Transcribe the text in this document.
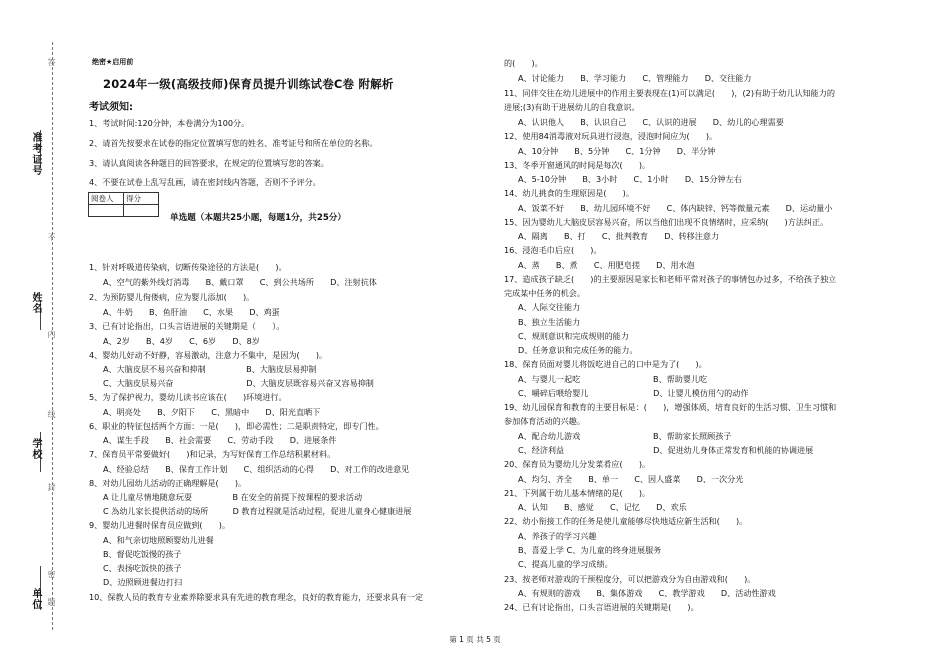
准考证号
姓名
学校
单位
答
不
内
线
封
密
题
绝密★启用前
2024年一级(高级技师)保育员提升训练试卷C卷 附解析
考试须知:
1、考试时间:120分钟，本卷满分为100分。
2、请首先按要求在试卷的指定位置填写您的姓名、准考证号和所在单位的名称。
3、请认真阅读各种题目的回答要求，在规定的位置填写您的答案。
4、不要在试卷上乱写乱画，请在密封线内答题，否则不予评分。
阅卷人	得分

单选题（本题共25小题，每题1分，共25分）
1、针对呼吸道传染病，切断传染途径的方法是(　　)。
A、空气的紫外线灯消毒　　B、戴口罩　　C、到公共场所　　D、注射抗体
2、为预防婴儿佝偻病，应为婴儿添加(　　)。
A、牛奶　　B、鱼肝油　　C、水果　　D、鸡蛋
3、已有讨论指出，口头言语进展的关键期是（　　）。
A、2岁　　B、4岁　　C、6岁　　D、8岁
4、婴幼儿好动不好静，容易激动，注意力不集中，是因为(　　)。
A、大脑皮层不易兴奋和抑制　　　　　B、大脑皮层易抑制
C、大脑皮层易兴奋　　　　　　　　　D、大脑皮层既容易兴奋又容易抑制
5、为了保护视力，婴幼儿读书应该在(　　)环境进行。
A、明亮处　　B、夕阳下　　C、黑暗中　　D、阳光直晒下
6、职业的特征包括两个方面：一是(　　)，即必需性；二是职责特定，即专门性。
A、谋生手段　　B、社会需要　　C、劳动手段　　D、进展条件
7、保育员平常要做好(　　)和记录，为写好保育工作总结积累材料。
A、经验总结　　B、保育工作计划　　C、组织活动的心得　　D、对工作的改进意见
8、对幼儿园幼儿活动的正确理解是(　　)。
A 让儿童尽情地随意玩耍　　　　　B 在安全的前提下按课程的要求活动
C 為幼儿家长提供活动的场所　　　D 教育过程就是活动过程，促进儿童身心健康进展
9、婴幼儿进餐时保育员应做到(　　)。
A、和气亲切地照顾婴幼儿进餐
B、督促吃饭慢的孩子
C、表扬吃饭快的孩子
D、边照顾进餐边打扫
10、保教人员的教育专业素养除要求具有先进的教育理念，良好的教育能力，还要求具有一定
的(　　)。
A、讨论能力　　B、学习能力　　C、管理能力　　D、交往能力
11、同伴交往在幼儿进展中的作用主要表现在(1)可以满足(　　)，(2)有助于幼儿认知能力的
进展;(3)有助于进展幼儿的自我意识。
A、认识他人　　B、认识自己　　C、认识的进展　　D、幼儿的心理需要
12、使用84消毒液对玩具进行浸泡，浸泡时间应为(　　)。
A、10分钟　　B、5分钟　　C、1分钟　　D、半分钟
13、冬季开窗通风的时间是每次(　　)。
A、5-10分钟　　B、3小时　　C、1小时　　D、15分钟左右
14、幼儿挑食的生理原因是(　　)。
A、饭菜不好　　B、幼儿园环境不好　　C、体内缺锌、钙等微量元素　　D、运动量小
15、因为婴幼儿大脑皮层容易兴奋，所以当他们出现不良情绪时，应采纳(　　)方法纠正。
A、隔离　　B、打　　C、批判教育　　D、转移注意力
16、浸泡毛巾后应(　　)。
A、蒸　　B、煮　　C、用肥皂搓　　D、用水泡
17、造成孩子缺乏(　　)的主要原因是家长和老师平常对孩子的事情包办过多，不给孩子独立
完成某中任务的机会。
A、人际交往能力
B、独立生活能力
C、规则意识和完成规则的能力
D、任务意识和完成任务的能力。
18、保育员面对婴儿将饭吃进自己的口中是为了(　　)。
A、与婴儿一起吃　　　　　　　　　B、帮助婴儿吃
C、嚼碎后喂给婴儿　　　　　　　　D、让婴儿模仿用勺的动作
19、幼儿园保育和教育的主要目标是：(　　)，增强体质，培育良好的生活习惯、卫生习惯和
参加体育活动的兴趣。
A、配合幼儿游戏　　　　　　　　　B、帮助家长照顾孩子
C、经济利益　　　　　　　　　　　D、促进幼儿身体正常发育和机能的协调进展
20、保育员为婴幼儿分发菜肴应(　　)。
A、均匀、齐全　　B、单一　　C、因人盛菜　　D、一次分光
21、下列属于幼儿基本情绪的是(　　)。
A、认知　　B、感觉　　C、记忆　　D、欢乐
22、幼小衔接工作的任务是使儿童能够尽快地适应新生活和(　　)。
A、养孩子的学习兴趣
B、喜爱上学 C、为儿童的终身进展服务
C、提高儿童的学习成绩。
23、按老师对游戏的干预程度分，可以把游戏分为自由游戏和(　　)。
A、有规则的游戏　　B、集体游戏　　C、教学游戏　　D、活动性游戏
24、已有讨论指出，口头言语进展的关键期是(　　)。
第 1 页 共 5 页
